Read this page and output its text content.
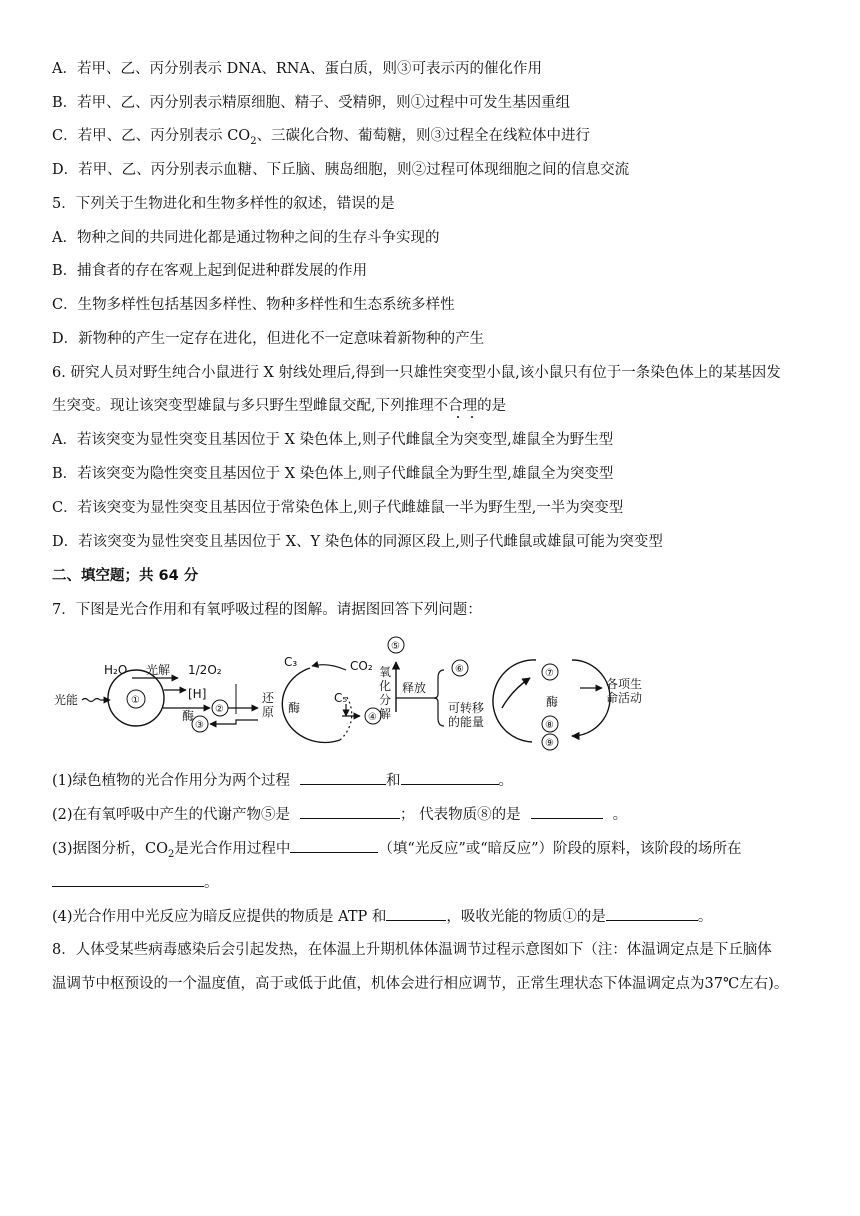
A．若甲、乙、丙分别表示 DNA、RNA、蛋白质，则③可表示丙的催化作用
B．若甲、乙、丙分别表示精原细胞、精子、受精卵，则①过程中可发生基因重组
C．若甲、乙、丙分别表示 $CO_2$、三碳化合物、葡萄糖，则③过程全在线粒体中进行
D．若甲、乙、丙分别表示血糖、下丘脑、胰岛细胞，则②过程可体现细胞之间的信息交流
5．下列关于生物进化和生物多样性的叙述，错误的是
A．物种之间的共同进化都是通过物种之间的生存斗争实现的
B．捕食者的存在客观上起到促进种群发展的作用
C．生物多样性包括基因多样性、物种多样性和生态系统多样性
D．新物种的产生一定存在进化，但进化不一定意味着新物种的产生
6. 研究人员对野生纯合小鼠进行 X 射线处理后,得到一只雄性突变型小鼠,该小鼠只有位于一条染色体上的某基因发
生突变。现让该突变型雄鼠与多只野生型雌鼠交配,下列推理不合理的是
A．若该突变为显性突变且基因位于 X 染色体上,则子代雌鼠全为突变型,雄鼠全为野生型
B．若该突变为隐性突变且基因位于 X 染色体上,则子代雌鼠全为野生型,雄鼠全为突变型
C．若该突变为显性突变且基因位于常染色体上,则子代雌雄鼠一半为野生型,一半为突变型
D．若该突变为显性突变且基因位于 X、Y 染色体的同源区段上,则子代雌鼠或雄鼠可能为突变型
二、填空题；共 64 分
7．下图是光合作用和有氧呼吸过程的图解。请据图回答下列问题：
H₂O 光解 1/2O₂
光能	①	[H]
②
酶
③
还
原 酶
C₃
C₅
CO₂
④
⑤
氧
化
分
解
释放
⑥
可转移
的能量
⑦
酶
⑧
⑨
各项生
命活动
(1)绿色植物的光合作用分为两个过程	和	。
(2)在有氧呼吸中产生的代谢产物⑤是	； 代表物质⑧的是	。
(3)据图分析，$CO_2$是光合作用过程中	（填“光反应”或“暗反应”）阶段的原料，该阶段的场所在
。
(4)光合作用中光反应为暗反应提供的物质是 ATP 和	，吸收光能的物质①的是	。
8．人体受某些病毒感染后会引起发热，在体温上升期机体体温调节过程示意图如下（注：体温调定点是下丘脑体
温调节中枢预设的一个温度值，高于或低于此值，机体会进行相应调节，正常生理状态下体温调定点为37℃左右)。
